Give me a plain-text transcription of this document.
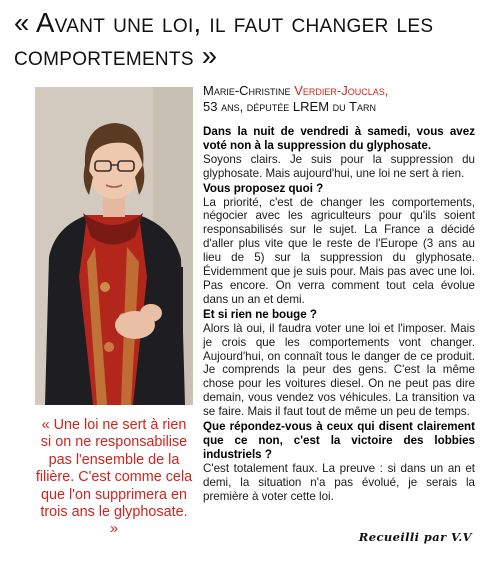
« Avant une loi, il faut changer les comportements »
Marie-Christine Verdier-Jouclas,
53 ans, députée LREM du Tarn

Dans la nuit de vendredi à samedi, vous avez voté non à la suppression du glyphosate.

Soyons clairs. Je suis pour la suppression du glyphosate. Mais aujourd'hui, une loi ne sert à rien.

Vous proposez quoi ?

La priorité, c'est de changer les comportements, négocier avec les agriculteurs pour qu'ils soient responsabilisés sur le sujet. La France a décidé d'aller plus vite que le reste de l'Europe (3 ans au lieu de 5) sur la suppression du glyphosate. Évidemment que je suis pour. Mais pas avec une loi. Pas encore. On verra comment tout cela évolue dans un an et demi.

Et si rien ne bouge ?

Alors là oui, il faudra voter une loi et l'imposer. Mais je crois que les comportements vont changer. Aujourd'hui, on connaît tous le danger de ce produit. Je comprends la peur des gens. C'est la même chose pour les voitures diesel. On ne peut pas dire demain, vous vendez vos véhicules. La transition va se faire. Mais il faut tout de même un peu de temps.

Que répondez-vous à ceux qui disent clairement que ce non, c'est la victoire des lobbies industriels ?

C'est totalement faux. La preuve : si dans un an et demi, la situation n'a pas évolué, je serais la première à voter cette loi.

« Une loi ne sert à rien si on ne responsabilise pas l'ensemble de la filière. C'est comme cela que l'on supprimera en trois ans le glyphosate. »	Recueilli par V.V
